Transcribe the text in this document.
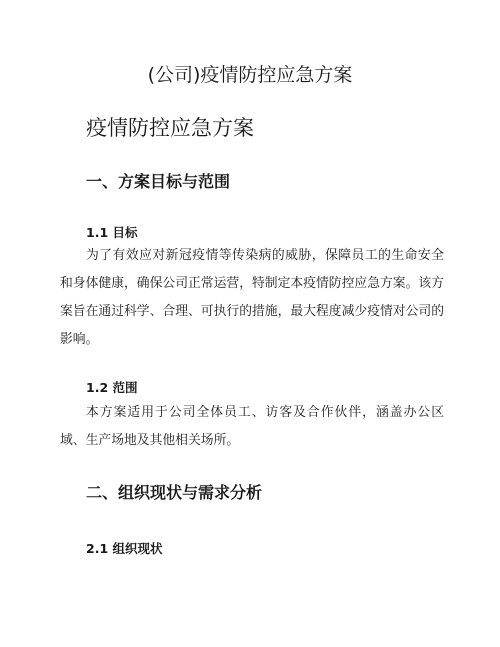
(公司)疫情防控应急方案
疫情防控应急方案
一、方案目标与范围
1.1 目标

为了有效应对新冠疫情等传染病的威胁，保障员工的生命安全和身体健康，确保公司正常运营，特制定本疫情防控应急方案。该方案旨在通过科学、合理、可执行的措施，最大程度减少疫情对公司的影响。

1.2 范围

本方案适用于公司全体员工、访客及合作伙伴，涵盖办公区域、生产场地及其他相关场所。

二、组织现状与需求分析
2.1 组织现状
